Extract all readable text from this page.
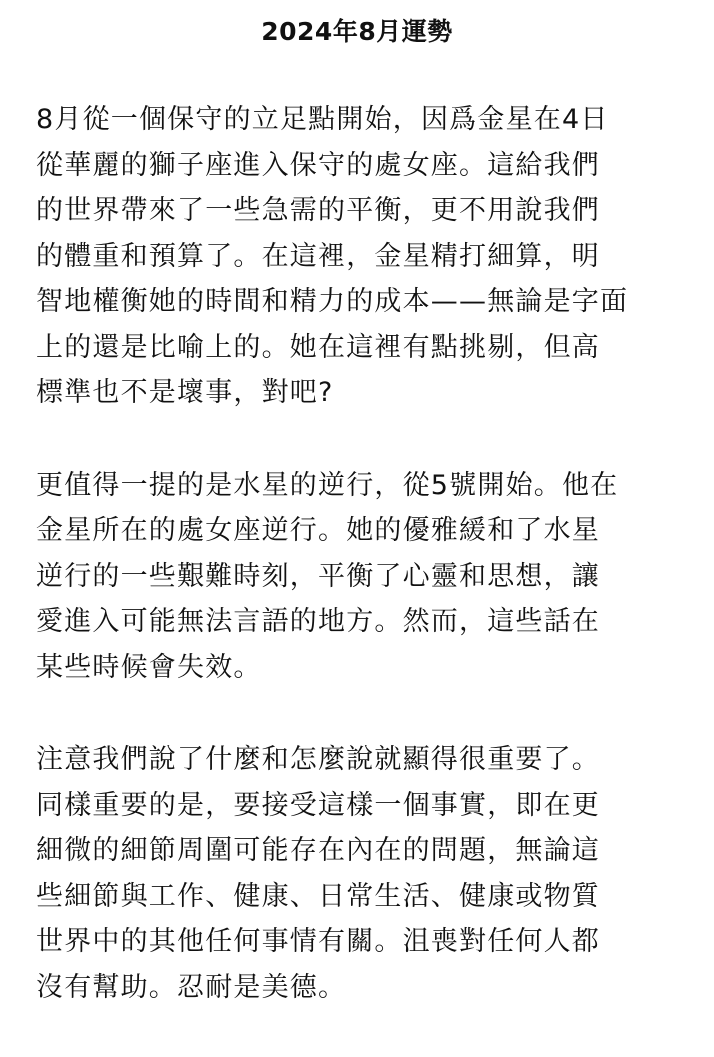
2024年8月運勢
8月從一個保守的立足點開始，因爲金星在4日
從華麗的獅子座進入保守的處女座。這給我們
的世界帶來了一些急需的平衡，更不用說我們
的體重和預算了。在這裡，金星精打細算，明
智地權衡她的時間和精力的成本——無論是字面
上的還是比喻上的。她在這裡有點挑剔，但高
標準也不是壞事，對吧?
更值得一提的是水星的逆行，從5號開始。他在
金星所在的處女座逆行。她的優雅緩和了水星
逆行的一些艱難時刻，平衡了心靈和思想，讓
愛進入可能無法言語的地方。然而，這些話在
某些時候會失效。
注意我們說了什麼和怎麼說就顯得很重要了。
同樣重要的是，要接受這樣一個事實，即在更
細微的細節周圍可能存在內在的問題，無論這
些細節與工作、健康、日常生活、健康或物質
世界中的其他任何事情有關。沮喪對任何人都
沒有幫助。忍耐是美德。
